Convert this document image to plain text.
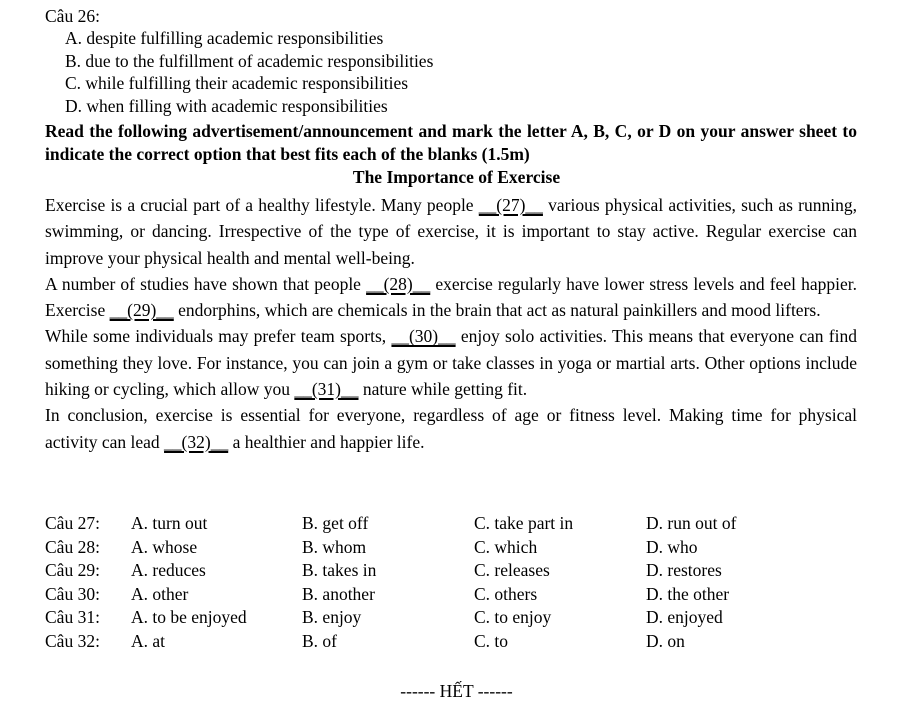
Câu 26:
A. despite fulfilling academic responsibilities
B. due to the fulfillment of academic responsibilities
C. while fulfilling their academic responsibilities
D. when filling with academic responsibilities
Read the following advertisement/announcement and mark the letter A, B, C, or D on your answer sheet to indicate the correct option that best fits each of the blanks (1.5m)
The Importance of Exercise

Exercise is a crucial part of a healthy lifestyle. Many people __(27)__ various physical activities, such as running, swimming, or dancing. Irrespective of the type of exercise, it is important to stay active. Regular exercise can improve your physical health and mental well-being.

A number of studies have shown that people __(28)__ exercise regularly have lower stress levels and feel happier. Exercise __(29)__ endorphins, which are chemicals in the brain that act as natural painkillers and mood lifters.

While some individuals may prefer team sports, __(30)__ enjoy solo activities. This means that everyone can find something they love. For instance, you can join a gym or take classes in yoga or martial arts. Other options include hiking or cycling, which allow you __(31)__ nature while getting fit.

In conclusion, exercise is essential for everyone, regardless of age or fitness level. Making time for physical activity can lead __(32)__ a healthier and happier life.

Câu 27: A. turn out	B. get off	C. take part in	D. run out of
Câu 28: A. whose	B. whom	C. which	D. who
Câu 29: A. reduces	B. takes in	C. releases	D. restores
Câu 30: A. other	B. another	C. others	D. the other
Câu 31: A. to be enjoyed	B. enjoy	C. to enjoy	D. enjoyed
Câu 32: A. at	B. of	C. to	D. on
------ HẾT ------
